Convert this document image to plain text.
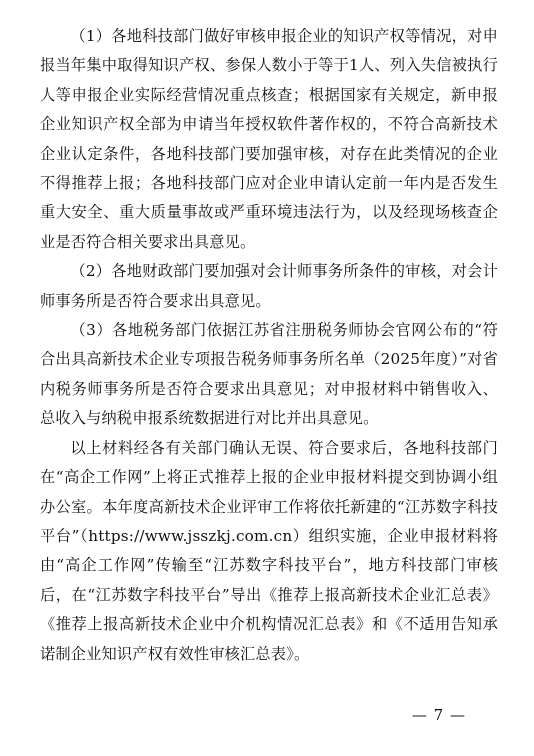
（1）各地科技部门做好审核申报企业的知识产权等情况，对申报当年集中取得知识产权、参保人数小于等于1人、列入失信被执行人等申报企业实际经营情况重点核查；根据国家有关规定，新申报企业知识产权全部为申请当年授权软件著作权的，不符合高新技术企业认定条件，各地科技部门要加强审核，对存在此类情况的企业不得推荐上报；各地科技部门应对企业申请认定前一年内是否发生重大安全、重大质量事故或严重环境违法行为，以及经现场核查企业是否符合相关要求出具意见。

（2）各地财政部门要加强对会计师事务所条件的审核，对会计师事务所是否符合要求出具意见。

（3）各地税务部门依据江苏省注册税务师协会官网公布的“符合出具高新技术企业专项报告税务师事务所名单（2025年度）”对省内税务师事务所是否符合要求出具意见；对申报材料中销售收入、总收入与纳税申报系统数据进行对比并出具意见。

以上材料经各有关部门确认无误、符合要求后，各地科技部门在“高企工作网”上将正式推荐上报的企业申报材料提交到协调小组办公室。本年度高新技术企业评审工作将依托新建的“江苏数字科技平台”（https://www.jsszkj.com.cn）组织实施，企业申报材料将由“高企工作网”传输至“江苏数字科技平台”，地方科技部门审核后，在“江苏数字科技平台”导出《推荐上报高新技术企业汇总表》《推荐上报高新技术企业中介机构情况汇总表》和《不适用告知承诺制企业知识产权有效性审核汇总表》。

— 7 —
